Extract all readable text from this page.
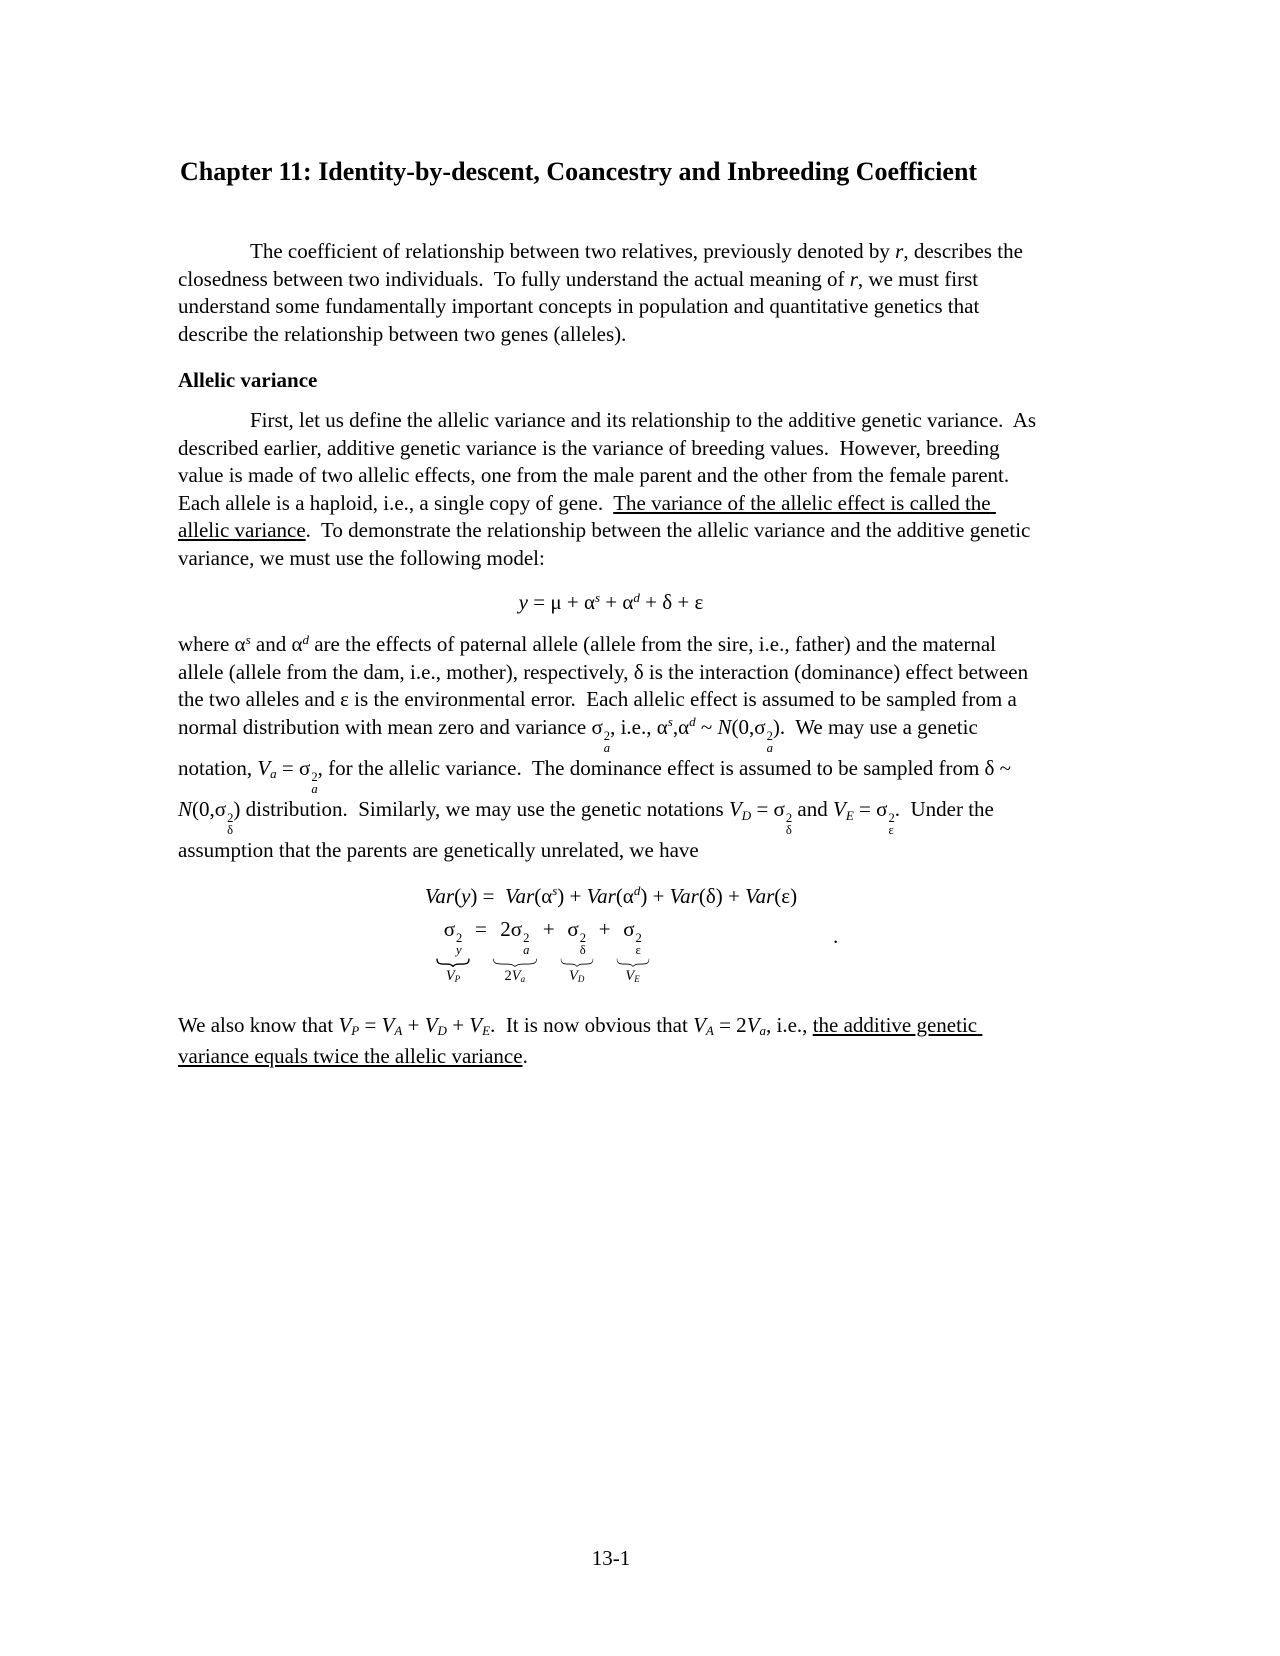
Chapter 11: Identity-by-descent, Coancestry and Inbreeding Coefficient

The coefficient of relationship between two relatives, previously denoted by r, describes the closedness between two individuals.  To fully understand the actual meaning of r, we must first understand some fundamentally important concepts in population and quantitative genetics that describe the relationship between two genes (alleles).

Allelic variance

First, let us define the allelic variance and its relationship to the additive genetic variance.  As described earlier, additive genetic variance is the variance of breeding values.  However, breeding value is made of two allelic effects, one from the male parent and the other from the female parent.  Each allele is a haploid, i.e., a single copy of gene.  The variance of the allelic effect is called the allelic variance.  To demonstrate the relationship between the allelic variance and the additive genetic variance, we must use the following model:

$y = \mu + \alpha^s + \alpha^d + \delta + \varepsilon$

where $\alpha^s$ and $\alpha^d$ are the effects of paternal allele (allele from the sire, i.e., father) and the maternal allele (allele from the dam, i.e., mother), respectively, δ is the interaction (dominance) effect between the two alleles and ε is the environmental error.  Each allelic effect is assumed to be sampled from a normal distribution with mean zero and variance σ 2
a
, i.e., $\alpha^s,\alpha^d$ ~ N(0,σ 2
a
).  We may use a genetic notation, $V_a = \sigma$ 2
a
, for the allelic variance.  The dominance effect is assumed to be sampled from δ ~ N(0,σ 2
δ
) distribution.  Similarly, we may use the genetic notations $V_D = \sigma$ 2
δ
and $V_E = \sigma$ 2
ε
.  Under the assumption that the parents are genetically unrelated, we have

$Var(y) = Var(\alpha^s) + Var(\alpha^d) + Var(\delta) + Var(\varepsilon)$
σ 2
y
$V_P$
= 2σ 2
a
$2V_a$
+ σ 2
δ
$V_D$
+ σ 2
ε
$V_E$
.

We also know that $V_P = V_A + V_D + V_E$.  It is now obvious that $V_A = 2V_a$, i.e., the additive genetic variance equals twice the allelic variance.

13-1
